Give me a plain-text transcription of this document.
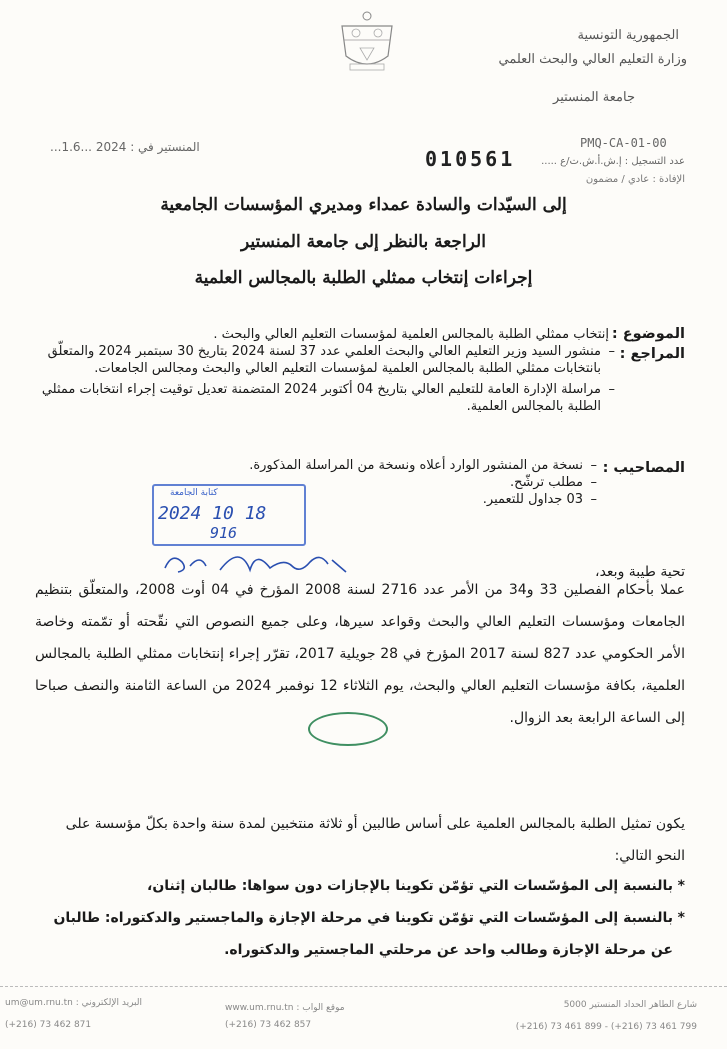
الجمهورية التونسية
وزارة التعليم العالي والبحث العلمي
جامعة المنستير
PMQ-CA-01-00
المنستير في : 2024 ...1.6...	010561	عدد التسجيل : إ.ش.أ.ش.ت/ع .....
الإفادة : عادي / مضمون
إلى السيّدات والسادة عمداء ومديري المؤسسات الجامعية
الراجعة بالنظر إلى جامعة المنستير
إجراءات إنتخاب ممثلي الطلبة بالمجالس العلمية
الموضوع :
إنتخاب ممثلي الطلبة بالمجالس العلمية لمؤسسات التعليم العالي والبحث .
المراجع :
– منشور السيد وزير التعليم العالي والبحث العلمي عدد 37 لسنة 2024 بتاريخ 30 سبتمبر 2024 والمتعلّق بانتخابات ممثلي الطلبة بالمجالس العلمية لمؤسسات التعليم العالي والبحث ومجالس الجامعات.
– مراسلة الإدارة العامة للتعليم العالي بتاريخ 04 أكتوبر 2024 المتضمنة تعديل توقيت إجراء انتخابات ممثلي الطلبة بالمجالس العلمية.
المصاحيب :
– نسخة من المنشور الوارد أعلاه ونسخة من المراسلة المذكورة.
– مطلب ترشّح.
– 03 جداول للتعمير.
كتابة الجامعة
2024 10 18
916
تحية طيبة وبعد،
عملا بأحكام الفصلين 33 و34 من الأمر عدد 2716 لسنة 2008 المؤرخ في 04 أوت 2008، والمتعلّق بتنظيم الجامعات ومؤسسات التعليم العالي والبحث وقواعد سيرها، وعلى جميع النصوص التي نقّحته أو تمّمته وخاصة الأمر الحكومي عدد 827 لسنة 2017 المؤرخ في 28 جويلية 2017، تقرّر إجراء إنتخابات ممثلي الطلبة بالمجالس العلمية، بكافة مؤسسات التعليم العالي والبحث، يوم الثلاثاء 12 نوفمبر 2024 من الساعة الثامنة والنصف صباحا إلى الساعة الرابعة بعد الزوال.
يكون تمثيل الطلبة بالمجالس العلمية على أساس طالبين أو ثلاثة منتخبين لمدة سنة واحدة بكلّ مؤسسة على النحو التالي:
* بالنسبة إلى المؤسّسات التي تؤمّن تكوينا بالإجازات دون سواها: طالبان إثنان،
* بالنسبة إلى المؤسّسات التي تؤمّن تكوينا في مرحلة الإجازة والماجستير والدكتوراه: طالبان عن مرحلة الإجازة وطالب واحد عن مرحلتي الماجستير والدكتوراه.
شارع الطاهر الحداد المنستير 5000
www.um.rnu.tn : موقع الواب
um@um.rnu.tn : البريد الإلكتروني
(+216) 73 461 899 - (+216) 73 461 799
(+216) 73 462 857
(+216) 73 462 871
